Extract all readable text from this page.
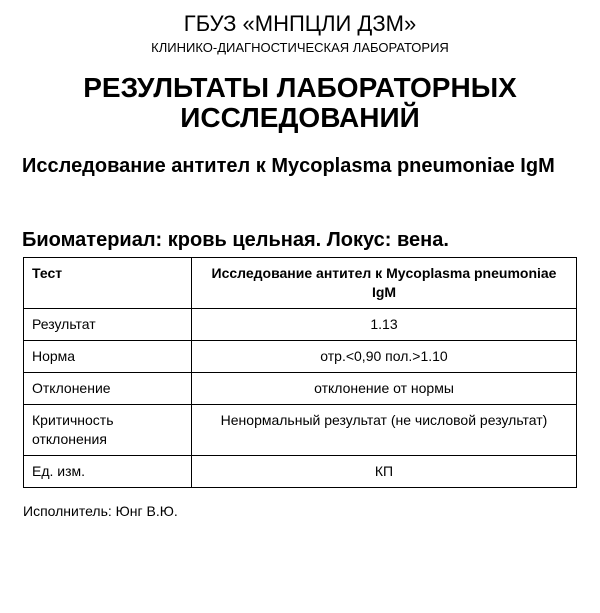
ГБУЗ «МНПЦЛИ ДЗМ»
КЛИНИКО-ДИАГНОСТИЧЕСКАЯ ЛАБОРАТОРИЯ
РЕЗУЛЬТАТЫ ЛАБОРАТОРНЫХ
ИССЛЕДОВАНИЙ
Исследование антител к Mycoplasma pneumoniae IgM
Биоматериал: кровь цельная. Локус: вена.
Тест	Исследование антител к Mycoplasma pneumoniae IgM
Результат	1.13
Норма	отр.<0,90 пол.>1.10
Отклонение	отклонение от нормы
Критичность отклонения	Ненормальный результат (не числовой результат)
Ед. изм.	КП
Исполнитель: Юнг В.Ю.
